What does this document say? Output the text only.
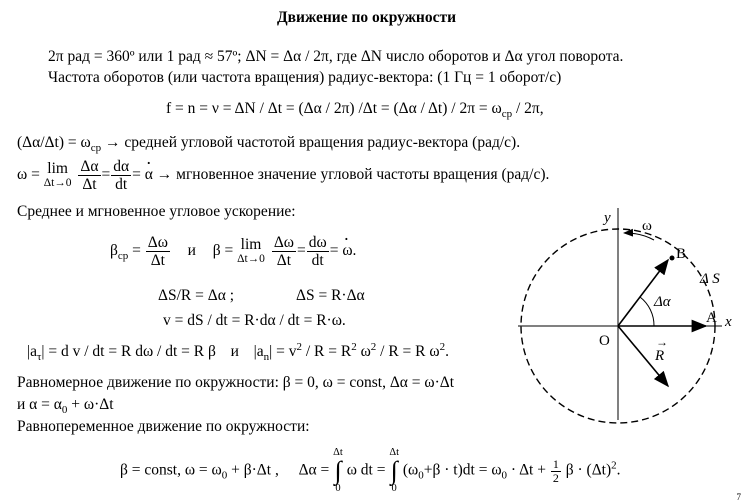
Движение по окружности
2π рад = 360º или 1 рад ≈ 57º; ΔN = Δα / 2π, где ΔN число оборотов и Δα угол поворота.
Частота оборотов (или частота вращения) радиус-вектора: (1 Гц = 1 оборот/с)
f = n = ν = ΔN / Δt = (Δα / 2π) $/\Delta t = (\Delta\alpha / \Delta t) / 2\pi = \omega_{ср} / 2\pi$,
$(\Delta\alpha/\Delta t) = \omega_{ср}$ → средней угловой частотой вращения радиус-вектора (рад/с).
ω = lim
Δt→0
$\frac{\Delta\alpha}{\Delta t} = \frac{d\alpha}{dt} = \alpha$ · → мгновенное значение угловой частоты вращения (рад/с).
Среднее и мгновенное угловое ускорение:
$\beta_{ср} = \frac{\Delta\omega}{\Delta t}$ и β = lim
Δt→0
$\frac{\Delta\omega}{\Delta t} = \frac{d\omega}{dt} = \omega$ ·.
ΔS/R = Δα ;	ΔS = R·Δα
v = dS / dt = R·dα / dt = R·ω.
$|a_\tau| = d$ v / dt = R dω / dt = R β и $|a_n| = v^2 / R = R^2$ $\omega^2 / R = R$ $\omega^2$.
Равномерное движение по окружности: β = 0, ω = const, Δα = ω·Δt
и $\alpha = \alpha_0 + \omega\cdot\Delta t$
Равнопеременное движение по окружности:
β = const, $\omega = \omega_0 + \beta\cdot\Delta t$ , Δα =
Δt
∫
0
ω dt =
Δt
∫
0
$(\omega_0+\beta \cdot t)dt = \omega_0 \cdot \Delta t + \frac{1}{2}$ $\beta \cdot (\Delta t)^2$.
y
x
O
A
B
ω
Δ S
Δα
R
→
7
